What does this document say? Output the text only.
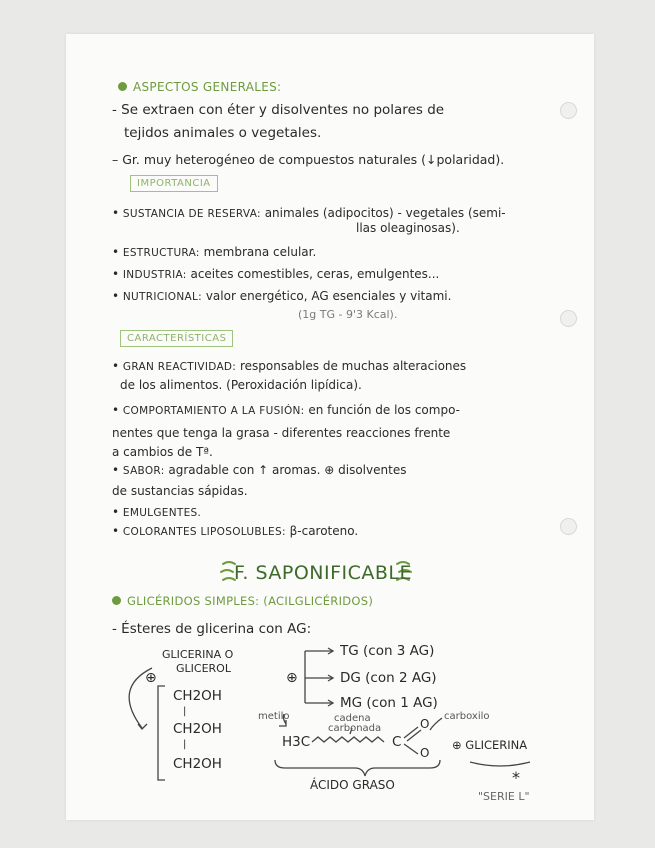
ASPECTOS GENERALES:
- Se extraen con éter y disolventes no polares de
tejidos animales o vegetales.
– Gr. muy heterogéneo de compuestos naturales (↓polaridad).
IMPORTANCIA
• SUSTANCIA DE RESERVA: animales (adipocitos) - vegetales (semi-
llas oleaginosas).
• ESTRUCTURA: membrana celular.
• INDUSTRIA: aceites comestibles, ceras, emulgentes...
• NUTRICIONAL: valor energético, AG esenciales y vitami.
(1g TG - 9'3 Kcal).
CARACTERÍSTICAS
• GRAN REACTIVIDAD: responsables de muchas alteraciones
de los alimentos. (Peroxidación lipídica).
• COMPORTAMIENTO A LA FUSIÓN: en función de los compo-
nentes que tenga la grasa - diferentes reacciones frente
a cambios de Tª.
• SABOR: agradable con ↑ aromas. ⊕ disolventes
de sustancias sápidas.
• EMULGENTES.
• COLORANTES LIPOSOLUBLES: β-caroteno.
F. SAPONIFICABLE
GLICÉRIDOS SIMPLES: (ACILGLICÉRIDOS)
- Ésteres de glicerina con AG:
GLICERINA O
GLICEROL
⊕
CH2OH
|
CH2OH
|
CH2OH
⊕
TG (con 3 AG)
DG (con 2 AG)
MG (con 1 AG)
metilo	cadena
carbonada
carboxilo
H3C	C
O
O
⊕ GLICERINA
ÁCIDO GRASO	*
"SERIE L"
